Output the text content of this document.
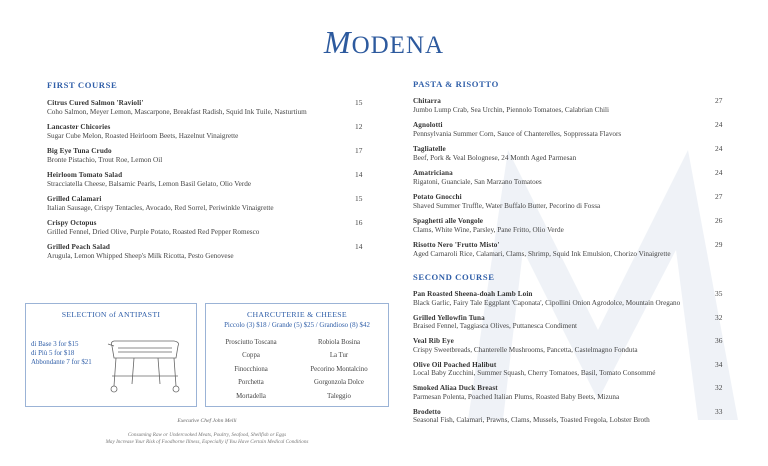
MODENA
FIRST COURSE
Citrus Cured Salmon 'Ravioli'
Coho Salmon, Meyer Lemon, Mascarpone, Breakfast Radish, Squid Ink Tuile, Nasturtium
15
Lancaster Chicories
Sugar Cube Melon, Roasted Heirloom Beets, Hazelnut Vinaigrette
12
Big Eye Tuna Crudo
Bronte Pistachio, Trout Roe, Lemon Oil
17
Heirloom Tomato Salad
Stracciatella Cheese, Balsamic Pearls, Lemon Basil Gelato, Olio Verde
14
Grilled Calamari
Italian Sausage, Crispy Tentacles, Avocado, Red Sorrel, Periwinkle Vinaigrette
15
Crispy Octopus
Grilled Fennel, Dried Olive, Purple Potato, Roasted Red Pepper Romesco
16
Grilled Peach Salad
Arugula, Lemon Whipped Sheep's Milk Ricotta, Pesto Genovese
14
SELECTION of ANTIPASTI
di Base 3 for $15
di Più 5 for $18
Abbondante 7 for $21
CHARCUTERIE & CHEESE
Piccolo (3) $18 / Grande (5) $25 / Grandioso (8) $42
Prosciutto Toscana
Coppa
Finocchiona
Porchetta
Mortadella
Robiola Bosina
La Tur
Pecorino Montalcino
Gorgonzola Dolce
Taleggio
Executive Chef John Melli
Consuming Raw or Undercooked Meats, Poultry, Seafood, Shellfish or Eggs
May Increase Your Risk of Foodborne Illness, Especially if You Have Certain Medical Conditions
PASTA & RISOTTO
Chitarra
Jumbo Lump Crab, Sea Urchin, Piennolo Tomatoes, Calabrian Chili
27
Agnolotti
Pennsylvania Summer Corn, Sauce of Chanterelles, Soppressata Flavors
24
Tagliatelle
Beef, Pork & Veal Bolognese, 24 Month Aged Parmesan
24
Amatriciana
Rigatoni, Guanciale, San Marzano Tomatoes
24
Potato Gnocchi
Shaved Summer Truffle, Water Buffalo Butter, Pecorino di Fossa
27
Spaghetti alle Vongole
Clams, White Wine, Parsley, Pane Fritto, Olio Verde
26
Risotto Nero 'Frutto Misto'
Aged Carnaroli Rice, Calamari, Clams, Shrimp, Squid Ink Emulsion, Chorizo Vinaigrette
29
SECOND COURSE
Pan Roasted Sheena-doah Lamb Loin
Black Garlic, Fairy Tale Eggplant 'Caponata', Cipollini Onion Agrodolce, Mountain Oregano
35
Grilled Yellowfin Tuna
Braised Fennel, Taggiasca Olives, Puttanesca Condiment
32
Veal Rib Eye
Crispy Sweetbreads, Chanterelle Mushrooms, Pancetta, Castelmagno Fonduta
36
Olive Oil Poached Halibut
Local Baby Zucchini, Summer Squash, Cherry Tomatoes, Basil, Tomato Consommé
34
Smoked Aliaa Duck Breast
Parmesan Polenta, Poached Italian Plums, Roasted Baby Beets, Mizuna
32
Brodetto
Seasonal Fish, Calamari, Prawns, Clams, Mussels, Toasted Fregola, Lobster Broth
33
